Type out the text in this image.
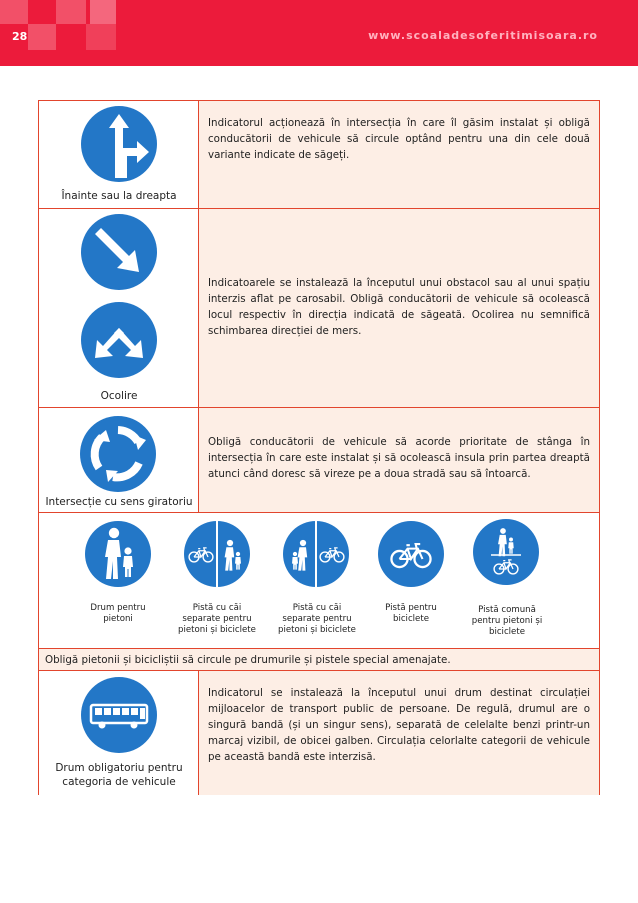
28	www.scoaladesoferitimisoara.ro
Înainte sau la dreapta
Indicatorul acționează în intersecția în care îl găsim instalat și obligă conducătorii de vehicule să circule optând pentru una din cele două variante indicate de săgeți.
Ocolire
Indicatoarele se instalează la începutul unui obstacol sau al unui spațiu interzis aflat pe carosabil. Obligă conducătorii de vehicule să ocolească locul respectiv în direcția indicată de săgeată. Ocolirea nu semnifică schimbarea direcției de mers.
Intersecție cu sens giratoriu
Obligă conducătorii de vehicule să acorde prioritate de stânga în intersecția în care este instalat și să ocolească insula prin partea dreaptă atunci când doresc să vireze pe a doua stradă sau să întoarcă.
Drum pentru
pietoni
Pistă cu căi
separate pentru
pietoni și biciclete
Pistă cu căi
separate pentru
pietoni și biciclete
Pistă pentru
biciclete
Pistă comună
pentru pietoni și
biciclete
Obligă pietonii și bicicliștii să circule pe drumurile și pistele special amenajate.
Drum obligatoriu pentru
categoria de vehicule
Indicatorul se instalează la începutul unui drum destinat circulației mijloacelor de transport public de persoane. De regulă, drumul are o singură bandă (și un singur sens), separată de celelalte benzi printr-un marcaj vizibil, de obicei galben. Circulația celorlalte categorii de vehicule pe această bandă este interzisă.
